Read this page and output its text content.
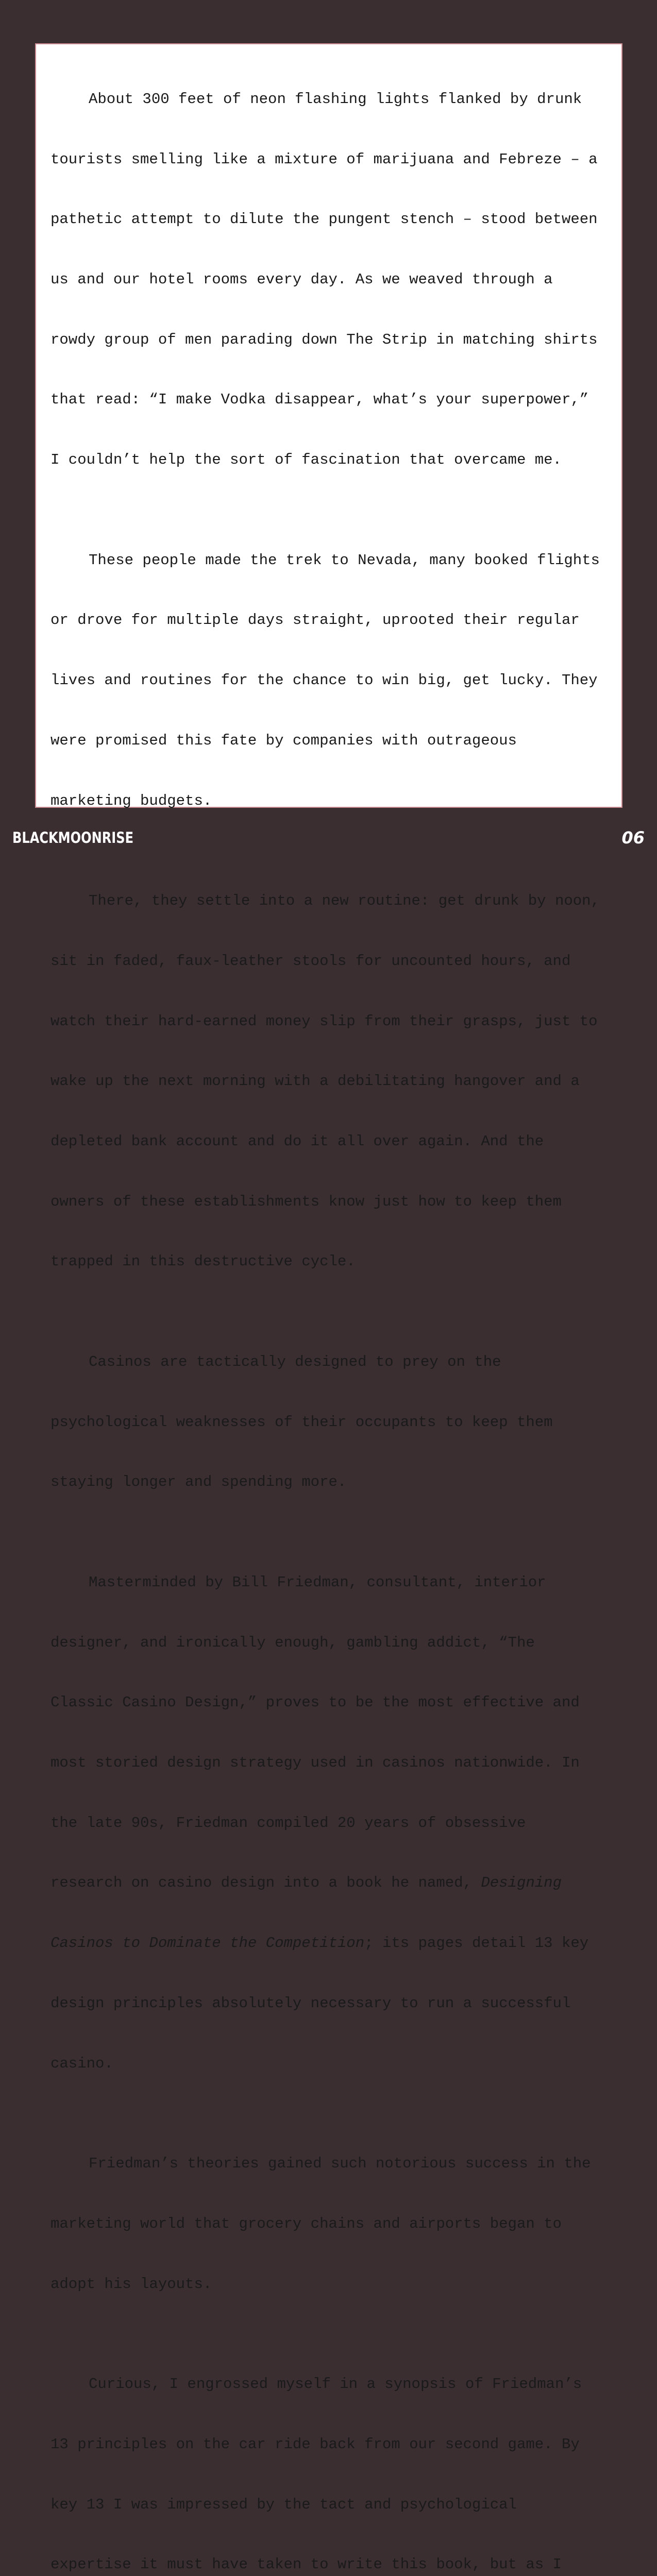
About 300 feet of neon flashing lights flanked by drunk

tourists smelling like a mixture of marijuana and Febreze – a

pathetic attempt to dilute the pungent stench – stood between

us and our hotel rooms every day. As we weaved through a

rowdy group of men parading down The Strip in matching shirts

that read: “I make Vodka disappear, what’s your superpower,”

I couldn’t help the sort of fascination that overcame me.

These people made the trek to Nevada, many booked flights

or drove for multiple days straight, uprooted their regular

lives and routines for the chance to win big, get lucky. They

were promised this fate by companies with outrageous

marketing budgets.

There, they settle into a new routine: get drunk by noon,

sit in faded, faux-leather stools for uncounted hours, and

watch their hard-earned money slip from their grasps, just to

wake up the next morning with a debilitating hangover and a

depleted bank account and do it all over again. And the

owners of these establishments know just how to keep them

trapped in this destructive cycle.

Casinos are tactically designed to prey on the

psychological weaknesses of their occupants to keep them

staying longer and spending more.

Masterminded by Bill Friedman, consultant, interior

designer, and ironically enough, gambling addict, “The

Classic Casino Design,” proves to be the most effective and

most storied design strategy used in casinos nationwide. In

the late 90s, Friedman compiled 20 years of obsessive

research on casino design into a book he named, Designing

Casinos to Dominate the Competition; its pages detail 13 key

design principles absolutely necessary to run a successful

casino.

Friedman’s theories gained such notorious success in the

marketing world that grocery chains and airports began to

adopt his layouts.

Curious, I engrossed myself in a synopsis of Friedman’s

13 principles on the car ride back from our second game. By

key 13 I was impressed by the tact and psychological

expertise it must have taken to write this book, but as I

BLACKMOONRISE	06
